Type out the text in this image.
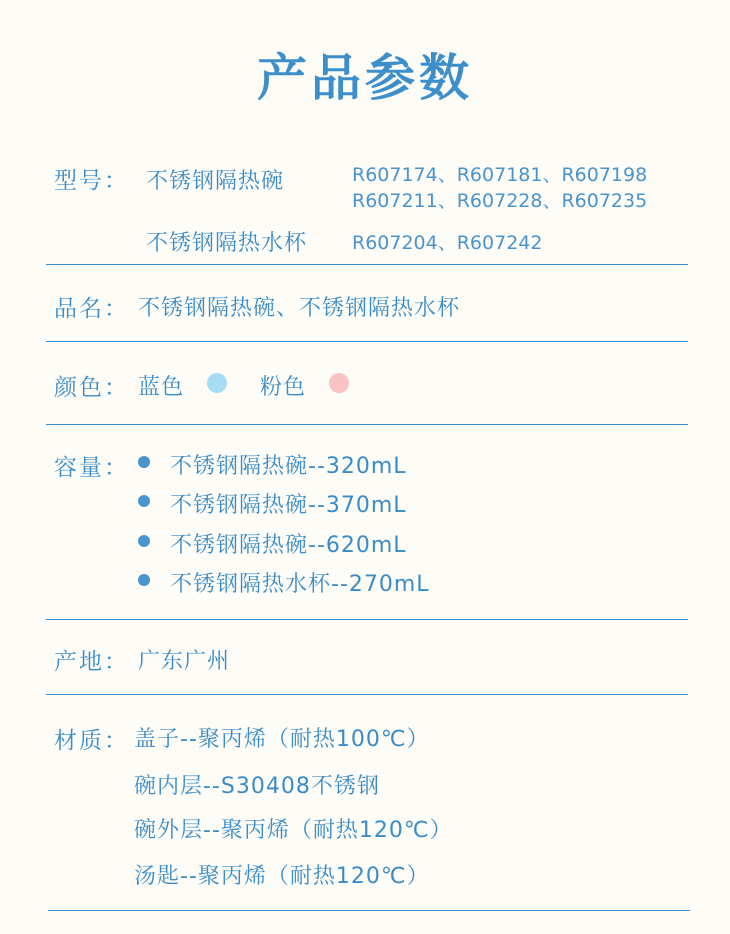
产品参数
型号： 不锈钢隔热碗	R607174、R607181、R607198
R607211、R607228、R607235
不锈钢隔热水杯 R607204、R607242
品名： 不锈钢隔热碗、不锈钢隔热水杯
颜色： 蓝色	粉色
容量： 不锈钢隔热碗--320mL
不锈钢隔热碗--370mL
不锈钢隔热碗--620mL
不锈钢隔热水杯--270mL
产地： 广东广州
材质： 盖子--聚丙烯（耐热100℃）
碗内层--S30408不锈钢
碗外层--聚丙烯（耐热120℃）
汤匙--聚丙烯（耐热120℃）
